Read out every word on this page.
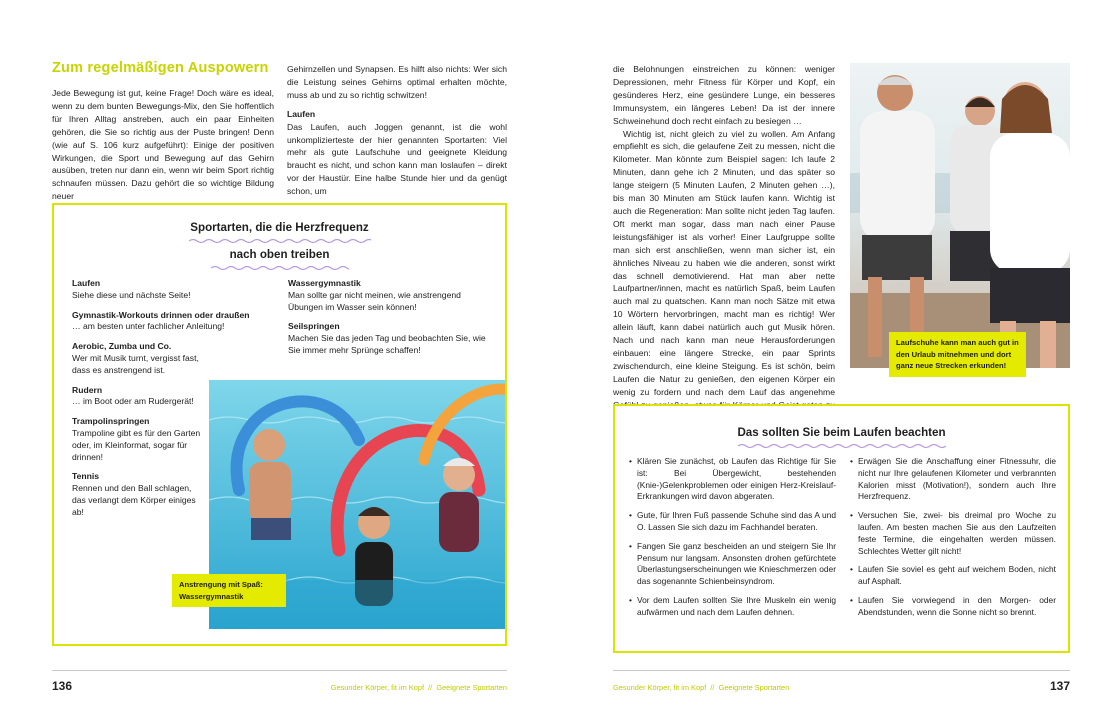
Zum regelmäßigen Auspowern

Jede Bewegung ist gut, keine Frage! Doch wäre es ideal, wenn zu dem bunten Bewegungs-Mix, den Sie hoffentlich für Ihren Alltag anstreben, auch ein paar Einheiten gehören, die Sie so richtig aus der Puste bringen! Denn (wie auf S. 106 kurz aufgeführt): Einige der positiven Wirkungen, die Sport und Bewegung auf das Gehirn ausüben, treten nur dann ein, wenn wir beim Sport richtig schnaufen müssen. Dazu gehört die so wichtige Bildung neuer

Gehirnzellen und Synapsen. Es hilft also nichts: Wer sich die Leistung seines Gehirns optimal erhalten möchte, muss ab und zu so richtig schwitzen!

Laufen

Das Laufen, auch Joggen genannt, ist die wohl unkomplizierteste der hier genannten Sportarten: Viel mehr als gute Laufschuhe und geeignete Kleidung braucht es nicht, und schon kann man loslaufen – direkt vor der Haustür. Eine halbe Stunde hier und da genügt schon, um

Sportarten, die die Herzfrequenz
nach oben treiben
Laufen
Siehe diese und nächste Seite!
Gymnastik-Workouts drinnen oder draußen
… am besten unter fachlicher Anleitung!
Aerobic, Zumba und Co.
Wer mit Musik turnt, vergisst fast, dass es anstrengend ist.
Rudern
… im Boot oder am Rudergerät!
Trampolinspringen
Trampoline gibt es für den Garten oder, im Kleinformat, sogar für drinnen!
Tennis
Rennen und den Ball schlagen, das verlangt dem Körper einiges ab!
Wassergymnastik
Man sollte gar nicht meinen, wie anstrengend Übungen im Wasser sein können!
Seilspringen
Machen Sie das jeden Tag und beobachten Sie, wie Sie immer mehr Sprünge schaffen!
Anstrengung mit Spaß: Wassergymnastik
136	Gesunder Körper, fit im Kopf  //  Geeignete Sportarten

die Belohnungen einstreichen zu können: weniger Depressionen, mehr Fitness für Körper und Kopf, ein gesünderes Herz, eine gesündere Lunge, ein besseres Immunsystem, ein längeres Leben! Da ist der innere Schweinehund doch recht einfach zu besiegen …

Wichtig ist, nicht gleich zu viel zu wollen. Am Anfang empfiehlt es sich, die gelaufene Zeit zu messen, nicht die Kilometer. Man könnte zum Beispiel sagen: Ich laufe 2 Minuten, dann gehe ich 2 Minuten, und das später so lange steigern (5 Minuten Laufen, 2 Minuten gehen …), bis man 30 Minuten am Stück laufen kann. Wichtig ist auch die Regeneration: Man sollte nicht jeden Tag laufen. Oft merkt man sogar, dass man nach einer Pause leistungsfähiger ist als vorher! Einer Laufgruppe sollte man sich erst anschließen, wenn man sicher ist, ein ähnliches Niveau zu haben wie die anderen, sonst wirkt das schnell demotivierend. Hat man aber nette Laufpartner/innen, macht es natürlich Spaß, beim Laufen auch mal zu quatschen. Kann man noch Sätze mit etwa 10 Wörtern hervorbringen, macht man es richtig! Wer allein läuft, kann dabei natürlich auch gut Musik hören. Nach und nach kann man neue Herausforderungen einbauen: eine längere Strecke, ein paar Sprints zwischendurch, eine kleine Steigung. Es ist schön, beim Laufen die Natur zu genießen, den eigenen Körper ein wenig zu fordern und nach dem Lauf das angenehme

Laufschuhe kann man auch gut in den Urlaub mitnehmen und dort ganz neue Strecken erkunden!
Das sollten Sie beim Laufen beachten

• Klären Sie zunächst, ob Laufen das Richtige für Sie ist: Bei Übergewicht, bestehenden (Knie-)Gelenkproblemen oder einigen Herz-Kreislauf-Erkrankungen wird davon abgeraten.

• Gute, für Ihren Fuß passende Schuhe sind das A und O. Lassen Sie sich dazu im Fachhandel beraten.

• Fangen Sie ganz bescheiden an und steigern Sie Ihr Pensum nur langsam. Ansonsten drohen gefürchtete Überlastungserscheinungen wie Knieschmerzen oder das sogenannte Schienbeinsyndrom.

• Vor dem Laufen sollten Sie Ihre Muskeln ein wenig aufwärmen und nach dem Laufen dehnen.

• Erwägen Sie die Anschaffung einer Fitnessuhr, die nicht nur Ihre gelaufenen Kilometer und verbrannten Kalorien misst (Motivation!), sondern auch Ihre Herzfrequenz.

• Versuchen Sie, zwei- bis dreimal pro Woche zu laufen. Am besten machen Sie aus den Laufzeiten feste Termine, die eingehalten werden müssen. Schlechtes Wetter gilt nicht!

• Laufen Sie soviel es geht auf weichem Boden, nicht auf Asphalt.

• Laufen Sie vorwiegend in den Morgen- oder Abendstunden, wenn die Sonne nicht so brennt.

Gesunder Körper, fit im Kopf  //  Geeignete Sportarten	137
